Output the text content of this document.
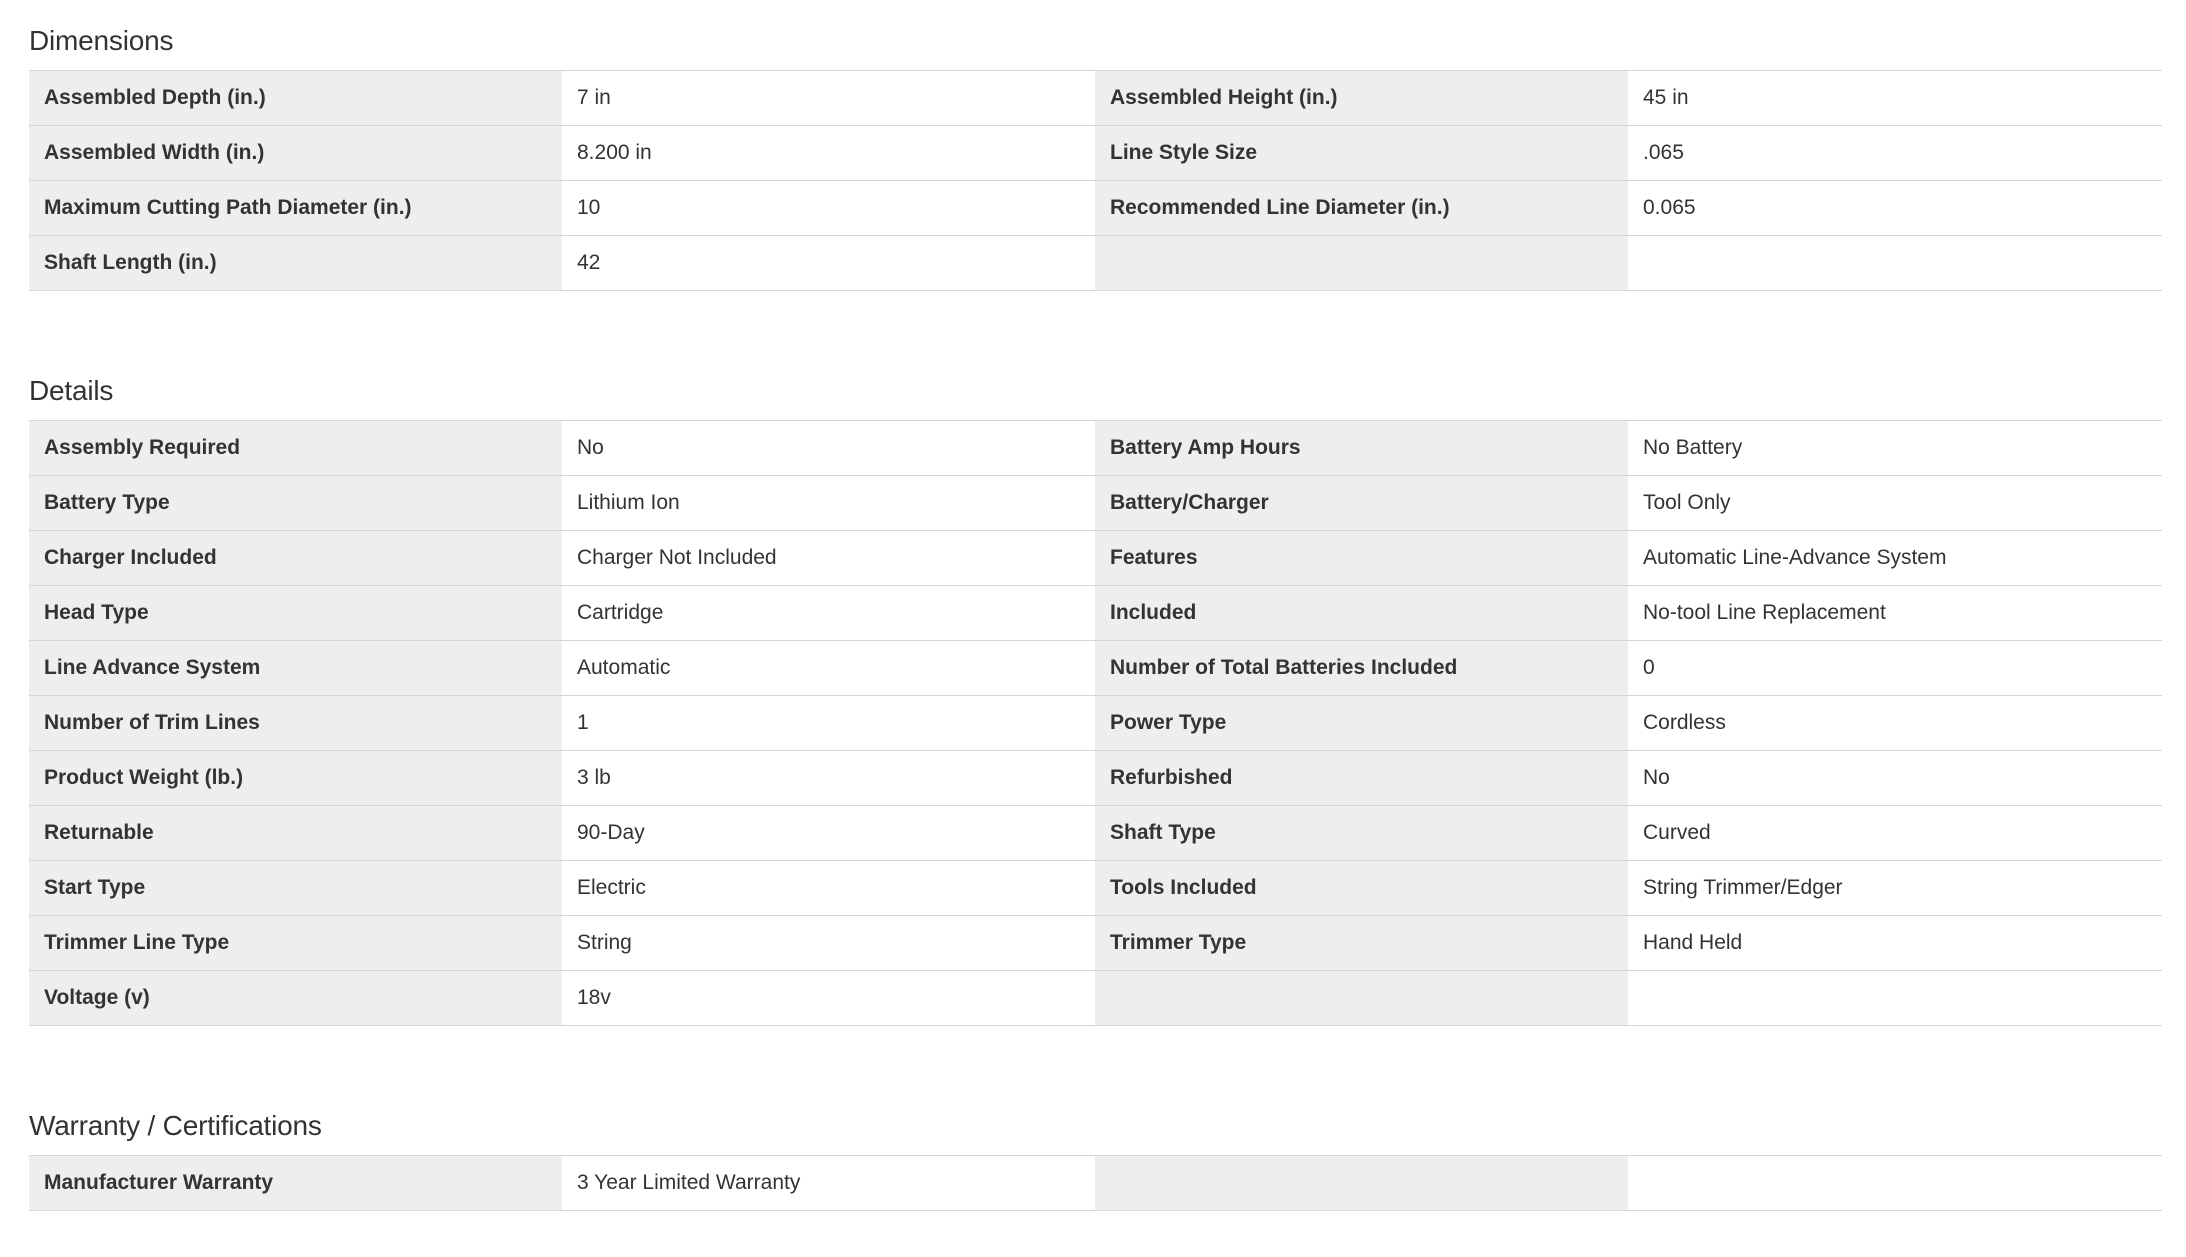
Dimensions
Assembled Depth (in.)	7 in	Assembled Height (in.)	45 in
Assembled Width (in.)	8.200 in	Line Style Size	.065
Maximum Cutting Path Diameter (in.)	10	Recommended Line Diameter (in.)	0.065
Shaft Length (in.)	42		
Details
Assembly Required	No	Battery Amp Hours	No Battery
Battery Type	Lithium Ion	Battery/Charger	Tool Only
Charger Included	Charger Not Included	Features	Automatic Line-Advance System
Head Type	Cartridge	Included	No-tool Line Replacement
Line Advance System	Automatic	Number of Total Batteries Included	0
Number of Trim Lines	1	Power Type	Cordless
Product Weight (lb.)	3 lb	Refurbished	No
Returnable	90-Day	Shaft Type	Curved
Start Type	Electric	Tools Included	String Trimmer/Edger
Trimmer Line Type	String	Trimmer Type	Hand Held
Voltage (v)	18v		
Warranty / Certifications
Manufacturer Warranty	3 Year Limited Warranty		
